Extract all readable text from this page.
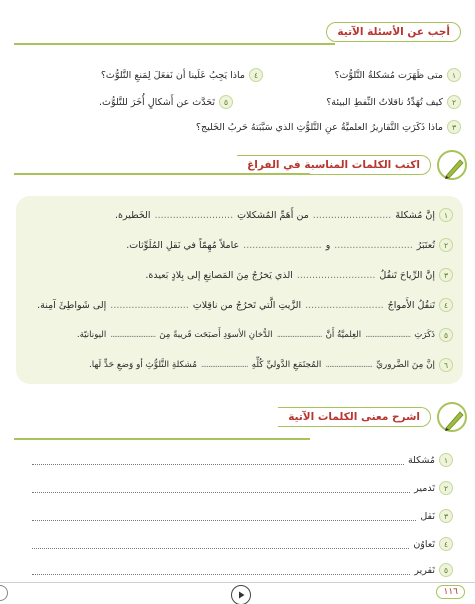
أجب عن الأسئلة الآتية
١
متى ظَهَرَت مُشكلةُ التَّلوُّث؟
٢
كيف تُهَدِّدُ ناقلاتُ النِّفطِ البيئة؟
٣
ماذا ذَكَرَتِ التَّقاريرُ العلميَّةُ عنِ التَّلوُّثِ الذي سَبَّبَتهُ حَربُ الخَليج؟
٤
ماذا يَجِبُ عَلَينا أن نَفعَلَ لِمَنعِ التَّلوُّث؟
٥
تَحَدَّث عن أَشكالٍ أُخَرَ للتَّلوُّث.
اكتب الكلمات المناسبة في الفراغ
١
إنَّ مُشكلةَ
..........................
من أَهَمِّ المُشكلاتِ
..........................
الخَطيرة.
٢
تُعتَبَرُ
..........................
و
..........................
عاملاً مُهِمّاً في نَقلِ المُلَوِّثات.
٣
إنَّ الرِّياحَ تَنقُلُ
..........................
الذي يَخرُجُ مِنَ المَصانِعِ إلى بِلادٍ بَعيدة.
٤
تَنقُلُ الأَمواجُ
..........................
الزَّيتِ الَّتي تَخرُجُ من ناقِلاتِ
..........................
إلى شَواطِئَ آمِنة.
٥
ذَكَرَتِ
..........................
العِلميَّةُ أَنَّ
..........................
الدُّخانِ الأسوَدِ أَصبَحَت قَريبةً مِنَ
..........................
اليونانيّة.
٦
إنَّ مِنَ الضَّروريِّ
..........................
المُجتَمَعِ الدَّوليِّ كُلِّهِ
..........................
مُشكلةِ التَّلوُّثِ أو وَضعِ حَدٍّ لَها.
اشرح معنى الكلمات الآتية
١
مُشكلة
٢
تَدمير
٣
نَقل
٤
تَعاوُن
٥
تَقرير
١١٦
